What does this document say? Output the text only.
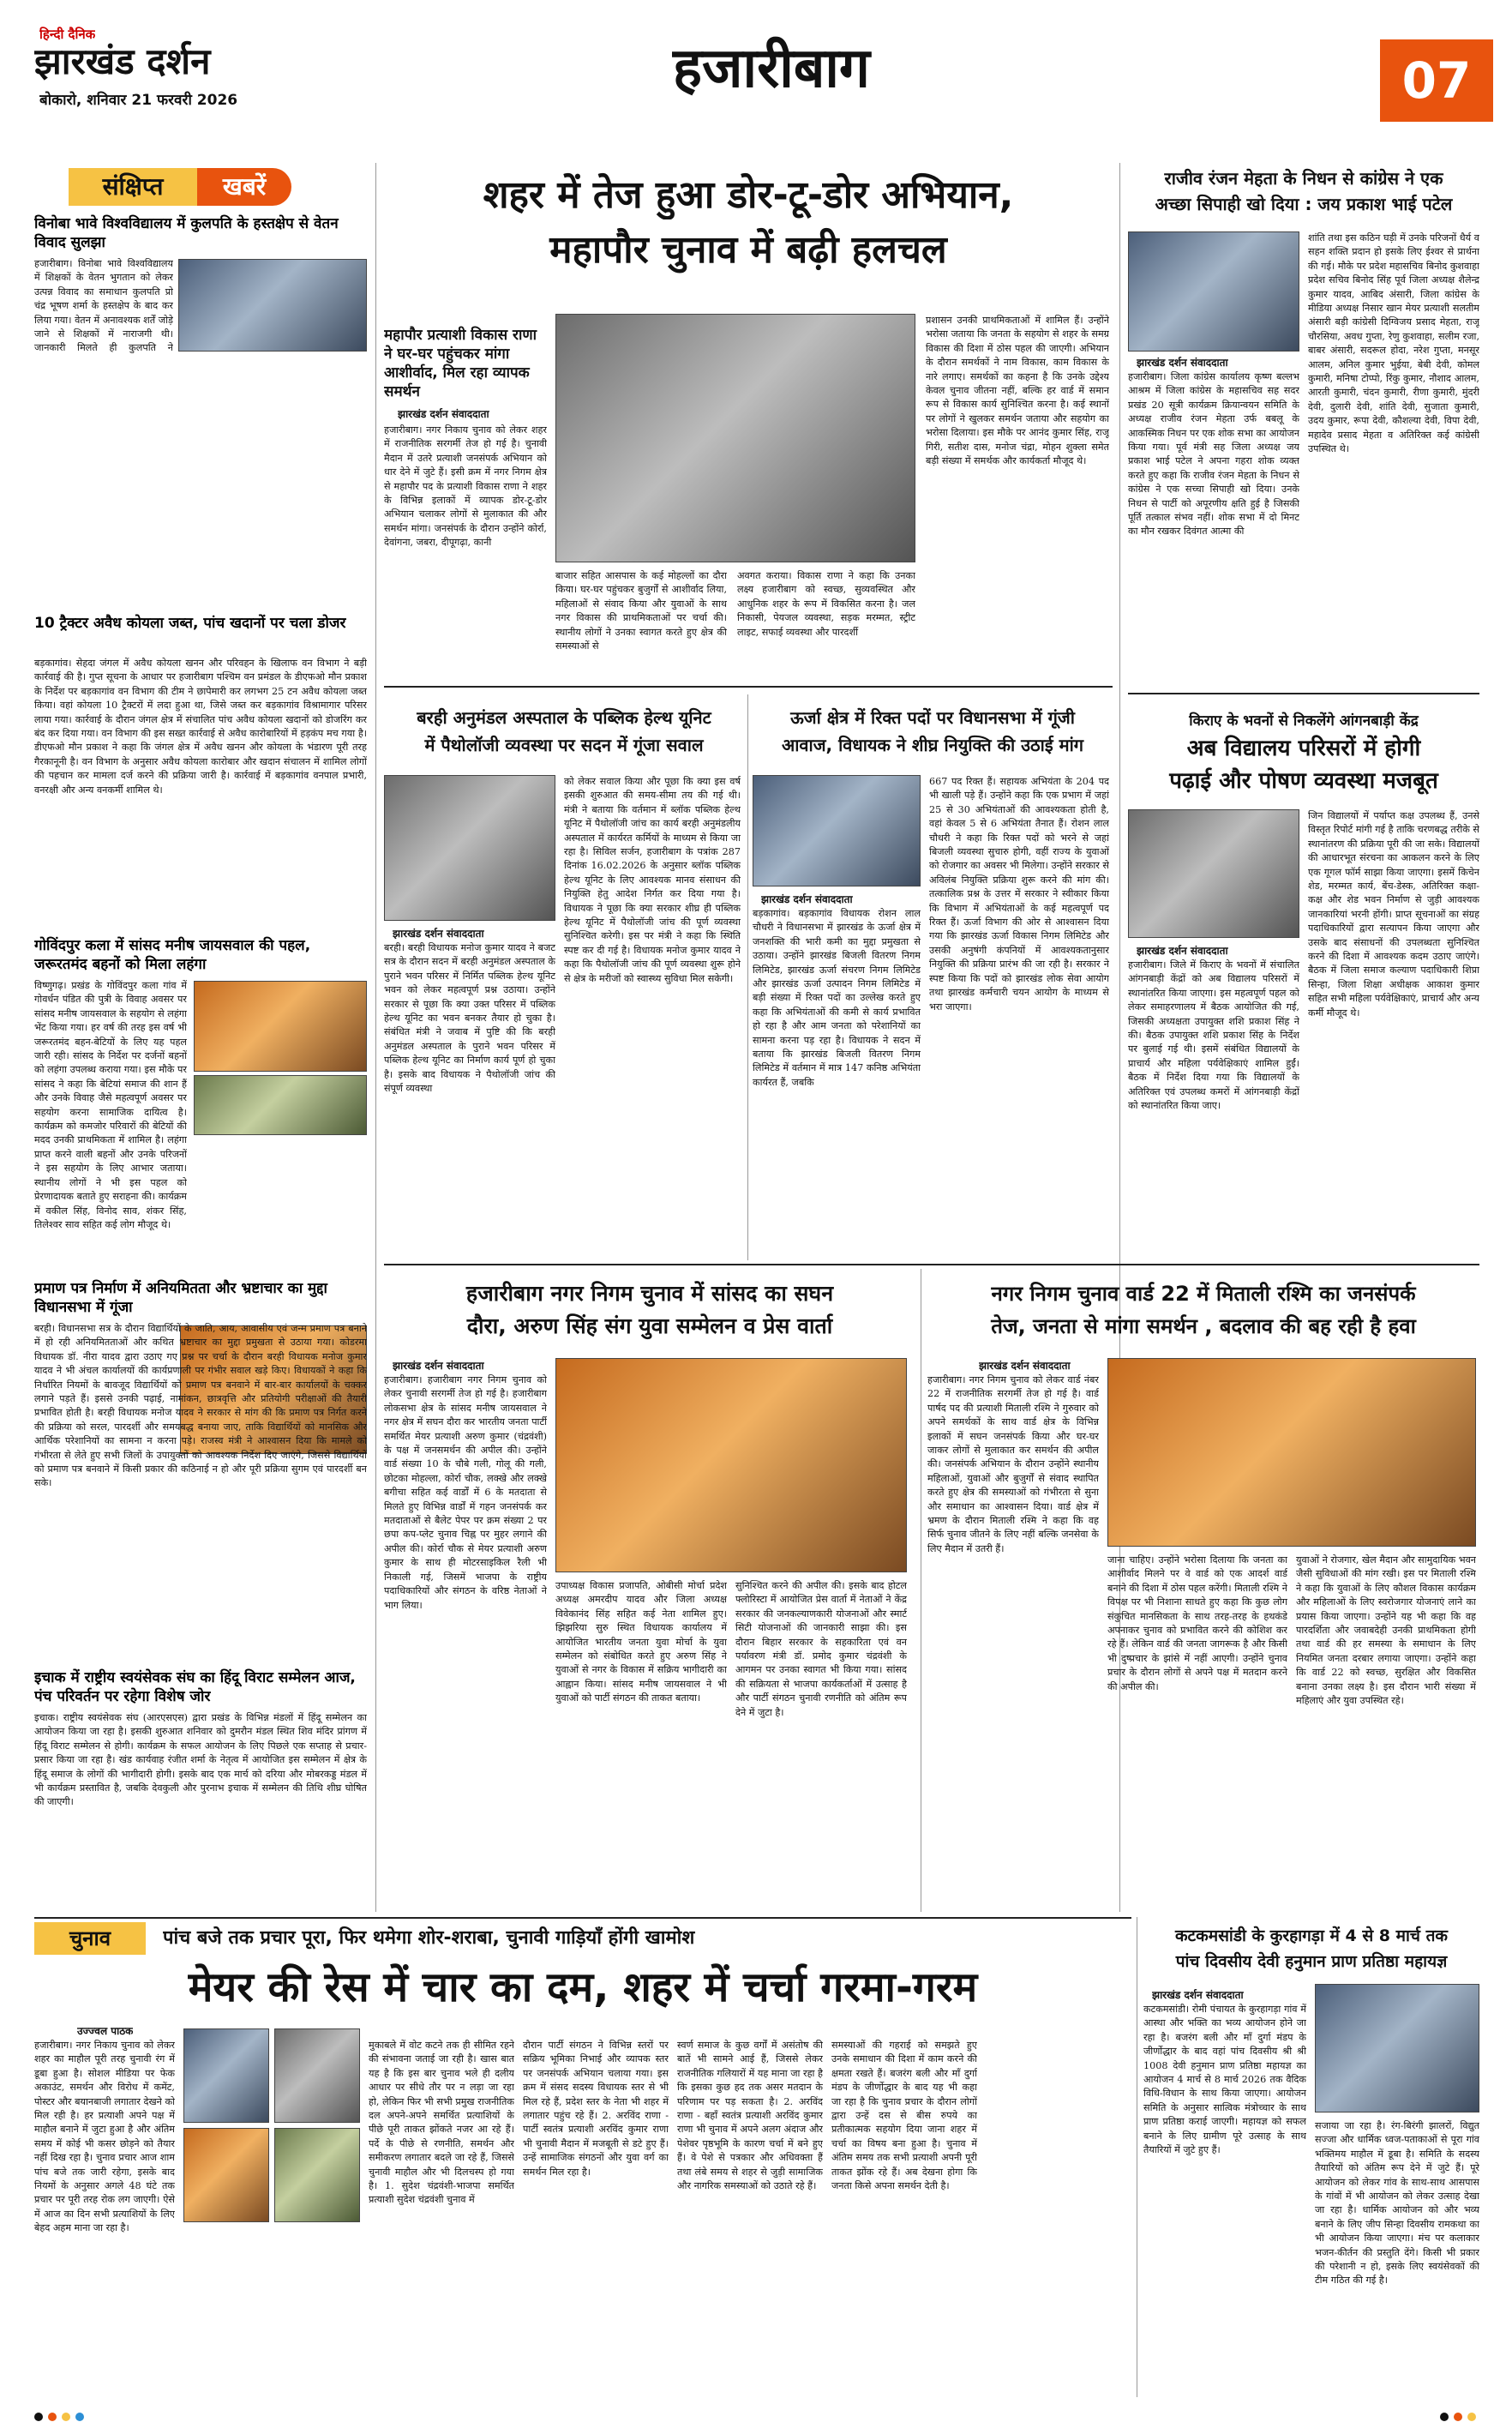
हिन्दी दैनिक
झारखंड दर्शन
बोकारो, शनिवार 21 फरवरी 2026	हजारीबाग	07
संक्षिप्त	खबरें
विनोबा भावे विश्वविद्यालय में कुलपति के हस्तक्षेप से वेतन विवाद सुलझा
हजारीबाग। विनोबा भावे विश्वविद्यालय में शिक्षकों के वेतन भुगतान को लेकर उत्पन्न विवाद का समाधान कुलपति प्रो चंद्र भूषण शर्मा के हस्तक्षेप के बाद कर लिया गया। वेतन में अनावश्यक शर्तें जोड़े जाने से शिक्षकों में नाराजगी थी। जानकारी मिलते ही कुलपति ने
10 ट्रैक्टर अवैध कोयला जब्त, पांच खदानों पर चला डोजर
बड़कागांव। सेहदा जंगल में अवैध कोयला खनन और परिवहन के खिलाफ वन विभाग ने बड़ी कार्रवाई की है। गुप्त सूचना के आधार पर हजारीबाग पश्चिम वन प्रमंडल के डीएफओ मौन प्रकाश के निर्देश पर बड़कागांव वन विभाग की टीम ने छापेमारी कर लगभग 25 टन अवैध कोयला जब्त किया। वहां कोयला 10 ट्रैक्टरों में लदा हुआ था, जिसे जब्त कर बड़कागांव विश्रामागार परिसर लाया गया। कार्रवाई के दौरान जंगल क्षेत्र में संचालित पांच अवैध कोयला खदानों को डोजरिंग कर बंद कर दिया गया। वन विभाग की इस सख्त कार्रवाई से अवैध कारोबारियों में हड़कंप मच गया है। डीएफओ मौन प्रकाश ने कहा कि जंगल क्षेत्र में अवैध खनन और कोयला के भंडारण पूरी तरह गैरकानूनी है। वन विभाग के अनुसार अवैध कोयला कारोबार और खदान संचालन में शामिल लोगों की पहचान कर मामला दर्ज करने की प्रक्रिया जारी है। कार्रवाई में बड़कागांव वनपाल प्रभारी, वनरक्षी और अन्य वनकर्मी शामिल थे।
गोविंदपुर कला में सांसद मनीष जायसवाल की पहल, जरूरतमंद बहनों को मिला लहंगा
विष्णुगढ़। प्रखंड के गोविंदपुर कला गांव में गोवर्धन पंडित की पुत्री के विवाह अवसर पर सांसद मनीष जायसवाल के सहयोग से लहंगा भेंट किया गया। हर वर्ष की तरह इस वर्ष भी जरूरतमंद बहन-बेटियों के लिए यह पहल जारी रही। सांसद के निर्देश पर दर्जनों बहनों को लहंगा उपलब्ध कराया गया। इस मौके पर सांसद ने कहा कि बेटियां समाज की शान हैं और उनके विवाह जैसे महत्वपूर्ण अवसर पर सहयोग करना सामाजिक दायित्व है। कार्यक्रम को कमजोर परिवारों की बेटियों की मदद उनकी प्राथमिकता में शामिल है। लहंगा प्राप्त करने वाली बहनों और उनके परिजनों ने इस सहयोग के लिए आभार जताया। स्थानीय लोगों ने भी इस पहल को प्रेरणादायक बताते हुए सराहना की। कार्यक्रम में वकील सिंह, विनोद साव, शंकर सिंह, तिलेश्वर साव सहित कई लोग मौजूद थे।
प्रमाण पत्र निर्माण में अनियमितता और भ्रष्टाचार का मुद्दा विधानसभा में गूंजा
बरही। विधानसभा सत्र के दौरान विद्यार्थियों के जाति, आय, आवासीय एवं जन्म प्रमाण पत्र बनाने में हो रही अनियमितताओं और कथित भ्रष्टाचार का मुद्दा प्रमुखता से उठाया गया। कोडरमा विधायक डॉ. नीरा यादव द्वारा उठाए गए प्रश्न पर चर्चा के दौरान बरही विधायक मनोज कुमार यादव ने भी अंचल कार्यालयों की कार्यप्रणाली पर गंभीर सवाल खड़े किए। विधायकों ने कहा कि निर्धारित नियमों के बावजूद विद्यार्थियों को प्रमाण पत्र बनवाने में बार-बार कार्यालयों के चक्कर लगाने पड़ते हैं। इससे उनकी पढ़ाई, नामांकन, छात्रवृत्ति और प्रतियोगी परीक्षाओं की तैयारी प्रभावित होती है। बरही विधायक मनोज यादव ने सरकार से मांग की कि प्रमाण पत्र निर्गत करने की प्रक्रिया को सरल, पारदर्शी और समयबद्ध बनाया जाए, ताकि विद्यार्थियों को मानसिक और आर्थिक परेशानियों का सामना न करना पड़े। राजस्व मंत्री ने आश्वासन दिया कि मामले को गंभीरता से लेते हुए सभी जिलों के उपायुक्तों को आवश्यक निर्देश दिए जाएंगे, जिससे विद्यार्थियों को प्रमाण पत्र बनवाने में किसी प्रकार की कठिनाई न हो और पूरी प्रक्रिया सुगम एवं पारदर्शी बन सके।
इचाक में राष्ट्रीय स्वयंसेवक संघ का हिंदू विराट सम्मेलन आज, पंच परिवर्तन पर रहेगा विशेष जोर
इचाक। राष्ट्रीय स्वयंसेवक संघ (आरएसएस) द्वारा प्रखंड के विभिन्न मंडलों में हिंदू सम्मेलन का आयोजन किया जा रहा है। इसकी शुरुआत शनिवार को दुमरौन मंडल स्थित शिव मंदिर प्रांगण में हिंदू विराट सम्मेलन से होगी। कार्यक्रम के सफल आयोजन के लिए पिछले एक सप्ताह से प्रचार-प्रसार किया जा रहा है। खंड कार्यवाह रंजीत शर्मा के नेतृत्व में आयोजित इस सम्मेलन में क्षेत्र के हिंदू समाज के लोगों की भागीदारी होगी। इसके बाद एक मार्च को दरिया और मोबरकड्ड मंडल में भी कार्यक्रम प्रस्तावित है, जबकि देवकुली और पुरनाभ इचाक में सम्मेलन की तिथि शीघ्र घोषित की जाएगी।
शहर में तेज हुआ डोर-टू-डोर अभियान,
महापौर चुनाव में बढ़ी हलचल
महापौर प्रत्याशी विकास राणा ने घर-घर पहुंचकर मांगा आशीर्वाद, मिल रहा व्यापक समर्थन
झारखंड दर्शन संवाददाता
हजारीबाग। नगर निकाय चुनाव को लेकर शहर में राजनीतिक सरगर्मी तेज हो गई है। चुनावी मैदान में उतरे प्रत्याशी जनसंपर्क अभियान को धार देने में जुटे हैं। इसी क्रम में नगर निगम क्षेत्र से महापौर पद के प्रत्याशी विकास राणा ने शहर के विभिन्न इलाकों में व्यापक डोर-टू-डोर अभियान चलाकर लोगों से मुलाकात की और समर्थन मांगा। जनसंपर्क के दौरान उन्होंने कोर्रा, देवांगना, जबरा, दीपूगढ़ा, कानी
बाजार सहित आसपास के कई मोहल्लों का दौरा किया। घर-घर पहुंचकर बुजुर्गों से आशीर्वाद लिया, महिलाओं से संवाद किया और युवाओं के साथ नगर विकास की प्राथमिकताओं पर चर्चा की। स्थानीय लोगों ने उनका स्वागत करते हुए क्षेत्र की समस्याओं से
अवगत कराया। विकास राणा ने कहा कि उनका लक्ष्य हजारीबाग को स्वच्छ, सुव्यवस्थित और आधुनिक शहर के रूप में विकसित करना है। जल निकासी, पेयजल व्यवस्था, सड़क मरम्मत, स्ट्रीट लाइट, सफाई व्यवस्था और पारदर्शी
प्रशासन उनकी प्राथमिकताओं में शामिल हैं। उन्होंने भरोसा जताया कि जनता के सहयोग से शहर के समग्र विकास की दिशा में ठोस पहल की जाएगी। अभियान के दौरान समर्थकों ने नाम विकास, काम विकास के नारे लगाए। समर्थकों का कहना है कि उनके उद्देश्य केवल चुनाव जीतना नहीं, बल्कि हर वार्ड में समान रूप से विकास कार्य सुनिश्चित करना है। कई स्थानों पर लोगों ने खुलकर समर्थन जताया और सहयोग का भरोसा दिलाया। इस मौके पर आनंद कुमार सिंह, राजू गिरी, सतीश दास, मनोज चंद्रा, मोहन शुक्ला समेत बड़ी संख्या में समर्थक और कार्यकर्ता मौजूद थे।
राजीव रंजन मेहता के निधन से कांग्रेस ने एक
अच्छा सिपाही खो दिया : जय प्रकाश भाई पटेल
झारखंड दर्शन संवाददाता
हजारीबाग। जिला कांग्रेस कार्यालय कृष्ण बल्लभ आश्रम में जिला कांग्रेस के महासचिव सह सदर प्रखंड 20 सूत्री कार्यक्रम क्रियान्वयन समिति के अध्यक्ष राजीव रंजन मेहता उर्फ बबलू के आकस्मिक निधन पर एक शोक सभा का आयोजन किया गया। पूर्व मंत्री सह जिला अध्यक्ष जय प्रकाश भाई पटेल ने अपना गहरा शोक व्यक्त करते हुए कहा कि राजीव रंजन मेहता के निधन से कांग्रेस ने एक सच्चा सिपाही खो दिया। उनके निधन से पार्टी को अपूरणीय क्षति हुई है जिसकी पूर्ति तत्काल संभव नहीं। शोक सभा में दो मिनट का मौन रखकर दिवंगत आत्मा की
शांति तथा इस कठिन घड़ी में उनके परिजनों धैर्य व सहन शक्ति प्रदान हो इसके लिए ईश्वर से प्रार्थना की गई। मौके पर प्रदेश महासचिव बिनोद कुशवाहा प्रदेश सचिव बिनोद सिंह पूर्व जिला अध्यक्ष शैलेन्द्र कुमार यादव, आबिद अंसारी, जिला कांग्रेस के मीडिया अध्यक्ष निसार खान मेयर प्रत्याशी सलतीम अंसारी बड़ी कांग्रेसी दिग्विजय प्रसाद मेहता, राजू चौरसिया, अवध गुप्ता, रेणु कुशवाहा, सलीम रजा, बाबर अंसारी, सदरूल होदा, नरेश गुप्ता, मनसूर आलम, अनिल कुमार भुईया, बेबी देवी, कोमल कुमारी, मनिषा टोप्पो, रिंकु कुमार, नौशाद आलम, आरती कुमारी, चंदन कुमारी, रीणा कुमारी, मुंदरी देवी, दुलारी देवी, शांति देवी, सुजाता कुमारी, उदय कुमार, रूपा देवी, कौशल्या देवी, विपा देवी, महादेव प्रसाद मेहता व अतिरिक्त कई कांग्रेसी उपस्थित थे।
बरही अनुमंडल अस्पताल के पब्लिक हेल्थ यूनिट
में पैथोलॉजी व्यवस्था पर सदन में गूंजा सवाल
झारखंड दर्शन संवाददाता
बरही। बरही विधायक मनोज कुमार यादव ने बजट सत्र के दौरान सदन में बरही अनुमंडल अस्पताल के पुराने भवन परिसर में निर्मित पब्लिक हेल्थ यूनिट भवन को लेकर महत्वपूर्ण प्रश्न उठाया। उन्होंने सरकार से पूछा कि क्या उक्त परिसर में पब्लिक हेल्थ यूनिट का भवन बनकर तैयार हो चुका है। संबंधित मंत्री ने जवाब में पुष्टि की कि बरही अनुमंडल अस्पताल के पुराने भवन परिसर में पब्लिक हेल्थ यूनिट का निर्माण कार्य पूर्ण हो चुका है। इसके बाद विधायक ने पैथोलॉजी जांच की संपूर्ण व्यवस्था
को लेकर सवाल किया और पूछा कि क्या इस वर्ष इसकी शुरुआत की समय-सीमा तय की गई थी। मंत्री ने बताया कि वर्तमान में ब्लॉक पब्लिक हेल्थ यूनिट में पैथोलॉजी जांच का कार्य बरही अनुमंडलीय अस्पताल में कार्यरत कर्मियों के माध्यम से किया जा रहा है। सिविल सर्जन, हजारीबाग के पत्रांक 287 दिनांक 16.02.2026 के अनुसार ब्लॉक पब्लिक हेल्थ यूनिट के लिए आवश्यक मानव संसाधन की नियुक्ति हेतु आदेश निर्गत कर दिया गया है। विधायक ने पूछा कि क्या सरकार शीघ्र ही पब्लिक हेल्थ यूनिट में पैथोलॉजी जांच की पूर्ण व्यवस्था सुनिश्चित करेगी। इस पर मंत्री ने कहा कि स्थिति स्पष्ट कर दी गई है। विधायक मनोज कुमार यादव ने कहा कि पैथोलॉजी जांच की पूर्ण व्यवस्था शुरू होने से क्षेत्र के मरीजों को स्वास्थ्य सुविधा मिल सकेगी।
ऊर्जा क्षेत्र में रिक्त पदों पर विधानसभा में गूंजी
आवाज, विधायक ने शीघ्र नियुक्ति की उठाई मांग
झारखंड दर्शन संवाददाता
बड़कागांव। बड़कागांव विधायक रोशन लाल चौधरी ने विधानसभा में झारखंड के ऊर्जा क्षेत्र में जनशक्ति की भारी कमी का मुद्दा प्रमुखता से उठाया। उन्होंने झारखंड बिजली वितरण निगम लिमिटेड, झारखंड ऊर्जा संचरण निगम लिमिटेड और झारखंड ऊर्जा उत्पादन निगम लिमिटेड में बड़ी संख्या में रिक्त पदों का उल्लेख करते हुए कहा कि अभियंताओं की कमी से कार्य प्रभावित हो रहा है और आम जनता को परेशानियों का सामना करना पड़ रहा है। विधायक ने सदन में बताया कि झारखंड बिजली वितरण निगम लिमिटेड में वर्तमान में मात्र 147 कनिष्ठ अभियंता कार्यरत हैं, जबकि
667 पद रिक्त हैं। सहायक अभियंता के 204 पद भी खाली पड़े हैं। उन्होंने कहा कि एक प्रभाग में जहां 25 से 30 अभियंताओं की आवश्यकता होती है, वहां केवल 5 से 6 अभियंता तैनात हैं। रोशन लाल चौधरी ने कहा कि रिक्त पदों को भरने से जहां बिजली व्यवस्था सुचारु होगी, वहीं राज्य के युवाओं को रोजगार का अवसर भी मिलेगा। उन्होंने सरकार से अविलंब नियुक्ति प्रक्रिया शुरू करने की मांग की। तत्कालिक प्रश्न के उत्तर में सरकार ने स्वीकार किया कि विभाग में अभियंताओं के कई महत्वपूर्ण पद रिक्त हैं। ऊर्जा विभाग की ओर से आश्वासन दिया गया कि झारखंड ऊर्जा विकास निगम लिमिटेड और उसकी अनुषंगी कंपनियों में आवश्यकतानुसार नियुक्ति की प्रक्रिया प्रारंभ की जा रही है। सरकार ने स्पष्ट किया कि पदों को झारखंड लोक सेवा आयोग तथा झारखंड कर्मचारी चयन आयोग के माध्यम से भरा जाएगा।
किराए के भवनों से निकलेंगे आंगनबाड़ी केंद्र
अब विद्यालय परिसरों में होगी
पढ़ाई और पोषण व्यवस्था मजबूत
झारखंड दर्शन संवाददाता
हजारीबाग। जिले में किराए के भवनों में संचालित आंगनबाड़ी केंद्रों को अब विद्यालय परिसरों में स्थानांतरित किया जाएगा। इस महत्वपूर्ण पहल को लेकर समाहरणालय में बैठक आयोजित की गई, जिसकी अध्यक्षता उपायुक्त शशि प्रकाश सिंह ने की। बैठक उपायुक्त शशि प्रकाश सिंह के निर्देश पर बुलाई गई थी। इसमें संबंधित विद्यालयों के प्राचार्य और महिला पर्यवेक्षिकाएं शामिल हुईं। बैठक में निर्देश दिया गया कि विद्यालयों के अतिरिक्त एवं उपलब्ध कमरों में आंगनबाड़ी केंद्रों को स्थानांतरित किया जाए।
जिन विद्यालयों में पर्याप्त कक्ष उपलब्ध हैं, उनसे विस्तृत रिपोर्ट मांगी गई है ताकि चरणबद्ध तरीके से स्थानांतरण की प्रक्रिया पूरी की जा सके। विद्यालयों की आधारभूत संरचना का आकलन करने के लिए एक गूगल फॉर्म साझा किया जाएगा। इसमें किचेन शेड, मरम्मत कार्य, बेंच-डेस्क, अतिरिक्त कक्षा-कक्ष और शेड भवन निर्माण से जुड़ी आवश्यक जानकारियां भरनी होंगी। प्राप्त सूचनाओं का संग्रह पदाधिकारियों द्वारा सत्यापन किया जाएगा और उसके बाद संसाधनों की उपलब्धता सुनिश्चित करने की दिशा में आवश्यक कदम उठाए जाएंगे। बैठक में जिला समाज कल्याण पदाधिकारी शिप्रा सिन्हा, जिला शिक्षा अधीक्षक आकाश कुमार सहित सभी महिला पर्यवेक्षिकाएं, प्राचार्य और अन्य कर्मी मौजूद थे।
हजारीबाग नगर निगम चुनाव में सांसद का सघन
दौरा, अरुण सिंह संग युवा सम्मेलन व प्रेस वार्ता
झारखंड दर्शन संवाददाता
हजारीबाग। हजारीबाग नगर निगम चुनाव को लेकर चुनावी सरगर्मी तेज हो गई है। हजारीबाग लोकसभा क्षेत्र के सांसद मनीष जायसवाल ने नगर क्षेत्र में सघन दौरा कर भारतीय जनता पार्टी समर्थित मेयर प्रत्याशी अरुण कुमार (चंद्रवंशी) के पक्ष में जनसमर्थन की अपील की। उन्होंने वार्ड संख्या 10 के चौबे गली, गोलू की गली, छोटका मोहल्ला, कोर्रा चौक, लक्खे और लक्खे बगीचा सहित कई वार्डों में 6 के मतदाता से मिलते हुए विभिन्न वार्डों में गहन जनसंपर्क कर मतदाताओं से बैलेट पेपर पर क्रम संख्या 2 पर छपा कप-प्लेट चुनाव चिह्न पर मुहर लगाने की अपील की। कोर्रा चौक से मेयर प्रत्याशी अरुण कुमार के साथ ही मोटरसाइकिल रैली भी निकाली गई, जिसमें भाजपा के राष्ट्रीय पदाधिकारियों और संगठन के वरिष्ठ नेताओं ने भाग लिया।
उपाध्यक्ष विकास प्रजापति, ओबीसी मोर्चा प्रदेश अध्यक्ष अमरदीप यादव और जिला अध्यक्ष विवेकानंद सिंह सहित कई नेता शामिल हुए। झिझरिया सुरु स्थित विधायक कार्यालय में आयोजित भारतीय जनता युवा मोर्चा के युवा सम्मेलन को संबोधित करते हुए अरुण सिंह ने युवाओं से नगर के विकास में सक्रिय भागीदारी का आह्वान किया। सांसद मनीष जायसवाल ने भी युवाओं को पार्टी संगठन की ताकत बताया।
सुनिश्चित करने की अपील की। इसके बाद होटल फ्लोरिस्टा में आयोजित प्रेस वार्ता में नेताओं ने केंद्र सरकार की जनकल्याणकारी योजनाओं और स्मार्ट सिटी योजनाओं की जानकारी साझा की। इस दौरान बिहार सरकार के सहकारिता एवं वन पर्यावरण मंत्री डॉ. प्रमोद कुमार चंद्रवंशी के आगमन पर उनका स्वागत भी किया गया। सांसद की सक्रियता से भाजपा कार्यकर्ताओं में उत्साह है और पार्टी संगठन चुनावी रणनीति को अंतिम रूप देने में जुटा है।
नगर निगम चुनाव वार्ड 22 में मिताली रश्मि का जनसंपर्क
तेज, जनता से मांगा समर्थन , बदलाव की बह रही है हवा
झारखंड दर्शन संवाददाता
हजारीबाग। नगर निगम चुनाव को लेकर वार्ड नंबर 22 में राजनीतिक सरगर्मी तेज हो गई है। वार्ड पार्षद पद की प्रत्याशी मिताली रश्मि ने गुरुवार को अपने समर्थकों के साथ वार्ड क्षेत्र के विभिन्न इलाकों में सघन जनसंपर्क किया और घर-घर जाकर लोगों से मुलाकात कर समर्थन की अपील की। जनसंपर्क अभियान के दौरान उन्होंने स्थानीय महिलाओं, युवाओं और बुजुर्गों से संवाद स्थापित करते हुए क्षेत्र की समस्याओं को गंभीरता से सुना और समाधान का आश्वासन दिया। वार्ड क्षेत्र में भ्रमण के दौरान मिताली रश्मि ने कहा कि वह सिर्फ चुनाव जीतने के लिए नहीं बल्कि जनसेवा के लिए मैदान में उतरी हैं।
जाना चाहिए। उन्होंने भरोसा दिलाया कि जनता का आशीर्वाद मिलने पर वे वार्ड को एक आदर्श वार्ड बनाने की दिशा में ठोस पहल करेंगी। मिताली रश्मि ने विपक्ष पर भी निशाना साधते हुए कहा कि कुछ लोग संकुचित मानसिकता के साथ तरह-तरह के हथकंडे अपनाकर चुनाव को प्रभावित करने की कोशिश कर रहे हैं। लेकिन वार्ड की जनता जागरूक है और किसी भी दुष्प्रचार के झांसे में नहीं आएगी। उन्होंने चुनाव प्रचार के दौरान लोगों से अपने पक्ष में मतदान करने की अपील की।
युवाओं ने रोजगार, खेल मैदान और सामुदायिक भवन जैसी सुविधाओं की मांग रखी। इस पर मिताली रश्मि ने कहा कि युवाओं के लिए कौशल विकास कार्यक्रम और महिलाओं के लिए स्वरोजगार योजनाएं लाने का प्रयास किया जाएगा। उन्होंने यह भी कहा कि वह पारदर्शिता और जवाबदेही उनकी प्राथमिकता होगी तथा वार्ड की हर समस्या के समाधान के लिए नियमित जनता दरबार लगाया जाएगा। उन्होंने कहा कि वार्ड 22 को स्वच्छ, सुरक्षित और विकसित बनाना उनका लक्ष्य है। इस दौरान भारी संख्या में महिलाएं और युवा उपस्थित रहे।
चुनाव	पांच बजे तक प्रचार पूरा, फिर थमेगा शोर-शराबा, चुनावी गाड़ियाँ होंगी खामोश
मेयर की रेस में चार का दम, शहर में चर्चा गरमा-गरम
उज्ज्वल पाठक
हजारीबाग। नगर निकाय चुनाव को लेकर शहर का माहौल पूरी तरह चुनावी रंग में डूबा हुआ है। सोशल मीडिया पर फेक अकाउंट, समर्थन और विरोध में कमेंट, पोस्टर और बयानबाजी लगातार देखने को मिल रही है। हर प्रत्याशी अपने पक्ष में माहौल बनाने में जुटा हुआ है और अंतिम समय में कोई भी कसर छोड़ने को तैयार नहीं दिख रहा है। चुनाव प्रचार आज शाम पांच बजे तक जारी रहेगा, इसके बाद नियमों के अनुसार अगले 48 घंटे तक प्रचार पर पूरी तरह रोक लग जाएगी। ऐसे में आज का दिन सभी प्रत्याशियों के लिए बेहद अहम माना जा रहा है।
मुकाबले में वोट कटने तक ही सीमित रहने की संभावना जताई जा रही है। खास बात यह है कि इस बार चुनाव भले ही दलीय आधार पर सीधे तौर पर न लड़ा जा रहा हो, लेकिन फिर भी सभी प्रमुख राजनीतिक दल अपने-अपने समर्थित प्रत्याशियों के पीछे पूरी ताकत झोंकते नजर आ रहे हैं। पर्दे के पीछे से रणनीति, समर्थन और समीकरण लगातार बदले जा रहे हैं, जिससे चुनावी माहौल और भी दिलचस्प हो गया है। 1. सुदेश चंद्रवंशी-भाजपा समर्थित प्रत्याशी सुदेश चंद्रवंशी चुनाव में
दौरान पार्टी संगठन ने विभिन्न स्तरों पर सक्रिय भूमिका निभाई और व्यापक स्तर पर जनसंपर्क अभियान चलाया गया। इस क्रम में संसद सदस्य विधायक स्तर से भी मिल रहे हैं, प्रदेश स्तर के नेता भी शहर में लगातार पहुंच रहे हैं। 2. अरविंद राणा - पार्टी स्वतंत्र प्रत्याशी अरविंद कुमार राणा भी चुनावी मैदान में मजबूती से डटे हुए हैं। उन्हें सामाजिक संगठनों और युवा वर्ग का समर्थन मिल रहा है।
स्वर्ण समाज के कुछ वर्गों में असंतोष की बातें भी सामने आई हैं, जिससे लेकर राजनीतिक गलियारों में यह माना जा रहा है कि इसका कुछ हद तक असर मतदान के परिणाम पर पड़ सकता है। 2. अरविंद राणा - बहाँ स्वतंत्र प्रत्याशी अरविंद कुमार राणा भी चुनाव में अपने अलग अंदाज और पेशेवर पृष्ठभूमि के कारण चर्चा में बने हुए हैं। वे पेशे से पत्रकार और अधिवक्ता हैं तथा लंबे समय से शहर से जुड़ी सामाजिक और नागरिक समस्याओं को उठाते रहे हैं।
समस्याओं की गहराई को समझते हुए उनके समाधान की दिशा में काम करने की क्षमता रखते हैं। बजरंग बली और माँ दुर्गा मंडप के जीर्णोद्धार के बाद यह भी कहा जा रहा है कि चुनाव प्रचार के दौरान लोगों द्वारा उन्हें दस से बीस रुपये का प्रतीकात्मक सहयोग दिया जाना शहर में चर्चा का विषय बना हुआ है। चुनाव में अंतिम समय तक सभी प्रत्याशी अपनी पूरी ताकत झोंक रहे हैं। अब देखना होगा कि जनता किसे अपना समर्थन देती है।
कटकमसांडी के कुरहागड़ा में 4 से 8 मार्च तक
पांच दिवसीय देवी हनुमान प्राण प्रतिष्ठा महायज्ञ
झारखंड दर्शन संवाददाता
कटकमसांडी। रोमी पंचायत के कुरहागड़ा गांव में आस्था और भक्ति का भव्य आयोजन होने जा रहा है। बजरंग बली और माँ दुर्गा मंडप के जीर्णोद्धार के बाद वहां पांच दिवसीय श्री श्री 1008 देवी हनुमान प्राण प्रतिष्ठा महायज्ञ का आयोजन 4 मार्च से 8 मार्च 2026 तक वैदिक विधि-विधान के साथ किया जाएगा। आयोजन समिति के अनुसार सात्विक मंत्रोच्चार के साथ प्राण प्रतिष्ठा कराई जाएगी। महायज्ञ को सफल बनाने के लिए ग्रामीण पूरे उत्साह के साथ तैयारियों में जुटे हुए हैं।
सजाया जा रहा है। रंग-बिरंगी झालरों, विद्युत सज्जा और धार्मिक ध्वज-पताकाओं से पूरा गांव भक्तिमय माहौल में डूबा है। समिति के सदस्य तैयारियों को अंतिम रूप देने में जुटे हैं। पूरे आयोजन को लेकर गांव के साथ-साथ आसपास के गांवों में भी आयोजन को लेकर उत्साह देखा जा रहा है। धार्मिक आयोजन को और भव्य बनाने के लिए जीप सिन्हा दिवसीय रामकथा का भी आयोजन किया जाएगा। मंच पर कलाकार भजन-कीर्तन की प्रस्तुति देंगे। किसी भी प्रकार की परेशानी न हो, इसके लिए स्वयंसेवकों की टीम गठित की गई है।
